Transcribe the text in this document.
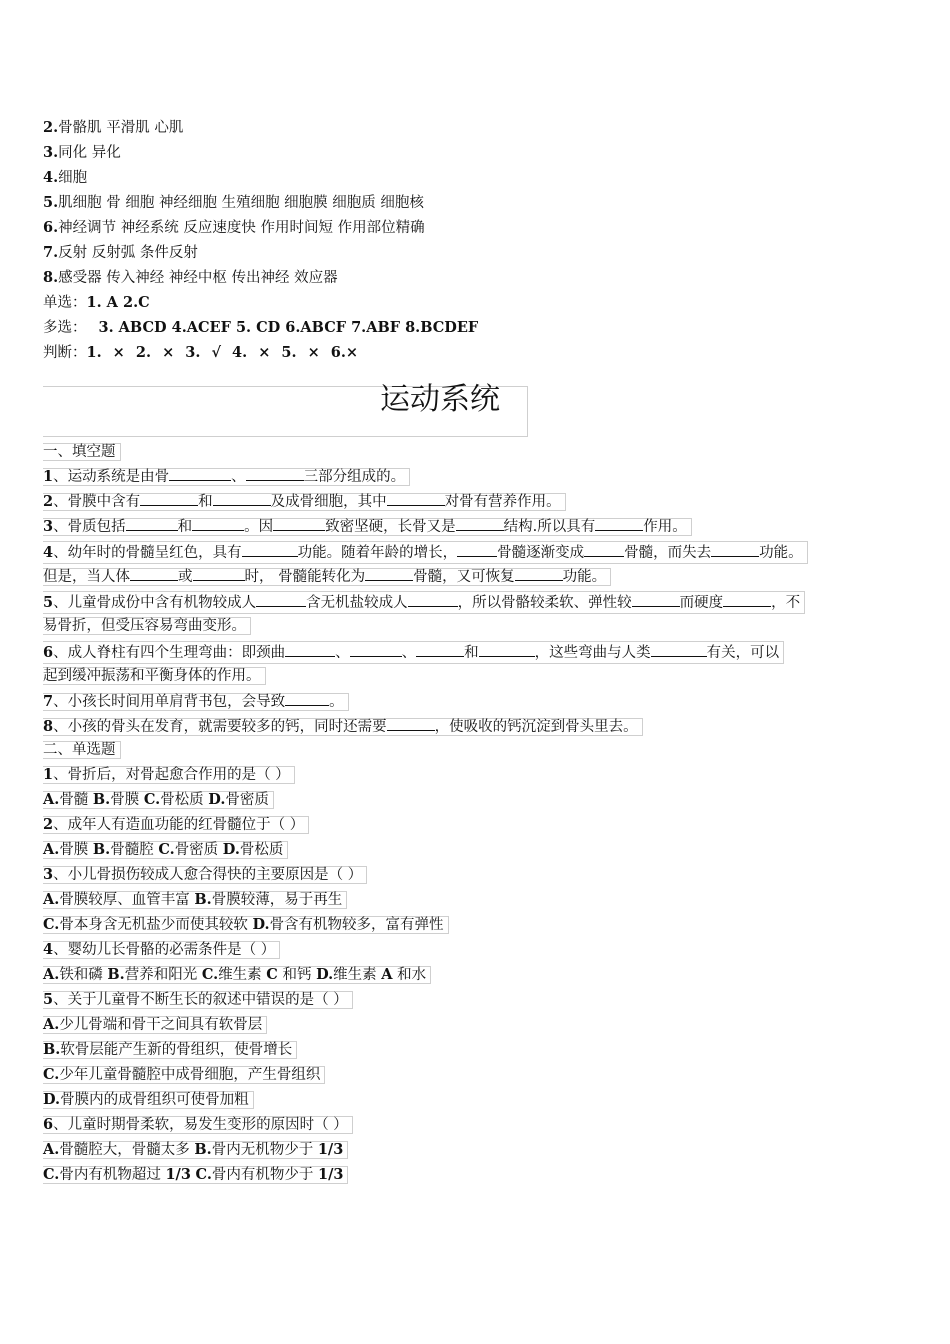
2.骨骼肌 平滑肌 心肌
3.同化 异化
4.细胞
5.肌细胞 骨 细胞 神经细胞 生殖细胞 细胞膜 细胞质 细胞核
6.神经调节 神经系统 反应速度快 作用时间短 作用部位精确
7.反射 反射弧 条件反射
8.感受器 传入神经 神经中枢 传出神经 效应器
单选：1. A 2.C
多选： 3. ABCD 4.ACEF 5. CD 6.ABCF 7.ABF 8.BCDEF
判断：1. × 2. × 3. √ 4. × 5. × 6.×
运动系统
一、填空题
1、运动系统是由骨	、	三部分组成的。
2、骨膜中含有	和	及成骨细胞，其中	对骨有营养作用。
3、骨质包括	和	。因	致密坚硬，长骨又是	结构.所以具有	作用。
4、幼年时的骨髓呈红色，具有	功能。随着年龄的增长，	骨髓逐渐变成	骨髓，而失去	功能。
但是，当人体	或	时， 骨髓能转化为	骨髓，又可恢复	功能。
5、儿童骨成份中含有机物较成人	含无机盐较成人	，所以骨骼较柔软、弹性较	而硬度	，不
易骨折，但受压容易弯曲变形。
6、成人脊柱有四个生理弯曲：即颈曲	、	、	和	，这些弯曲与人类	有关，可以
起到缓冲振荡和平衡身体的作用。
7、小孩长时间用单肩背书包，会导致	。
8、小孩的骨头在发育，就需要较多的钙，同时还需要	，使吸收的钙沉淀到骨头里去。
二、单选题
1、骨折后，对骨起愈合作用的是（ ）
A.骨髓 B.骨膜 C.骨松质 D.骨密质
2、成年人有造血功能的红骨髓位于（ ）
A.骨膜 B.骨髓腔 C.骨密质 D.骨松质
3、小儿骨损伤较成人愈合得快的主要原因是（ ）
A.骨膜较厚、血管丰富 B.骨膜较薄，易于再生
C.骨本身含无机盐少而使其较软 D.骨含有机物较多，富有弹性
4、婴幼儿长骨骼的必需条件是（ ）
A.铁和磷 B.营养和阳光 C.维生素 C 和钙 D.维生素 A 和水
5、关于儿童骨不断生长的叙述中错误的是（ ）
A.少儿骨端和骨干之间具有软骨层
B.软骨层能产生新的骨组织，使骨增长
C.少年儿童骨髓腔中成骨细胞，产生骨组织
D.骨膜内的成骨组织可使骨加粗
6、儿童时期骨柔软，易发生变形的原因时（ ）
A.骨髓腔大，骨髓太多 B.骨内无机物少于 1/3
C.骨内有机物超过 1/3 C.骨内有机物少于 1/3
